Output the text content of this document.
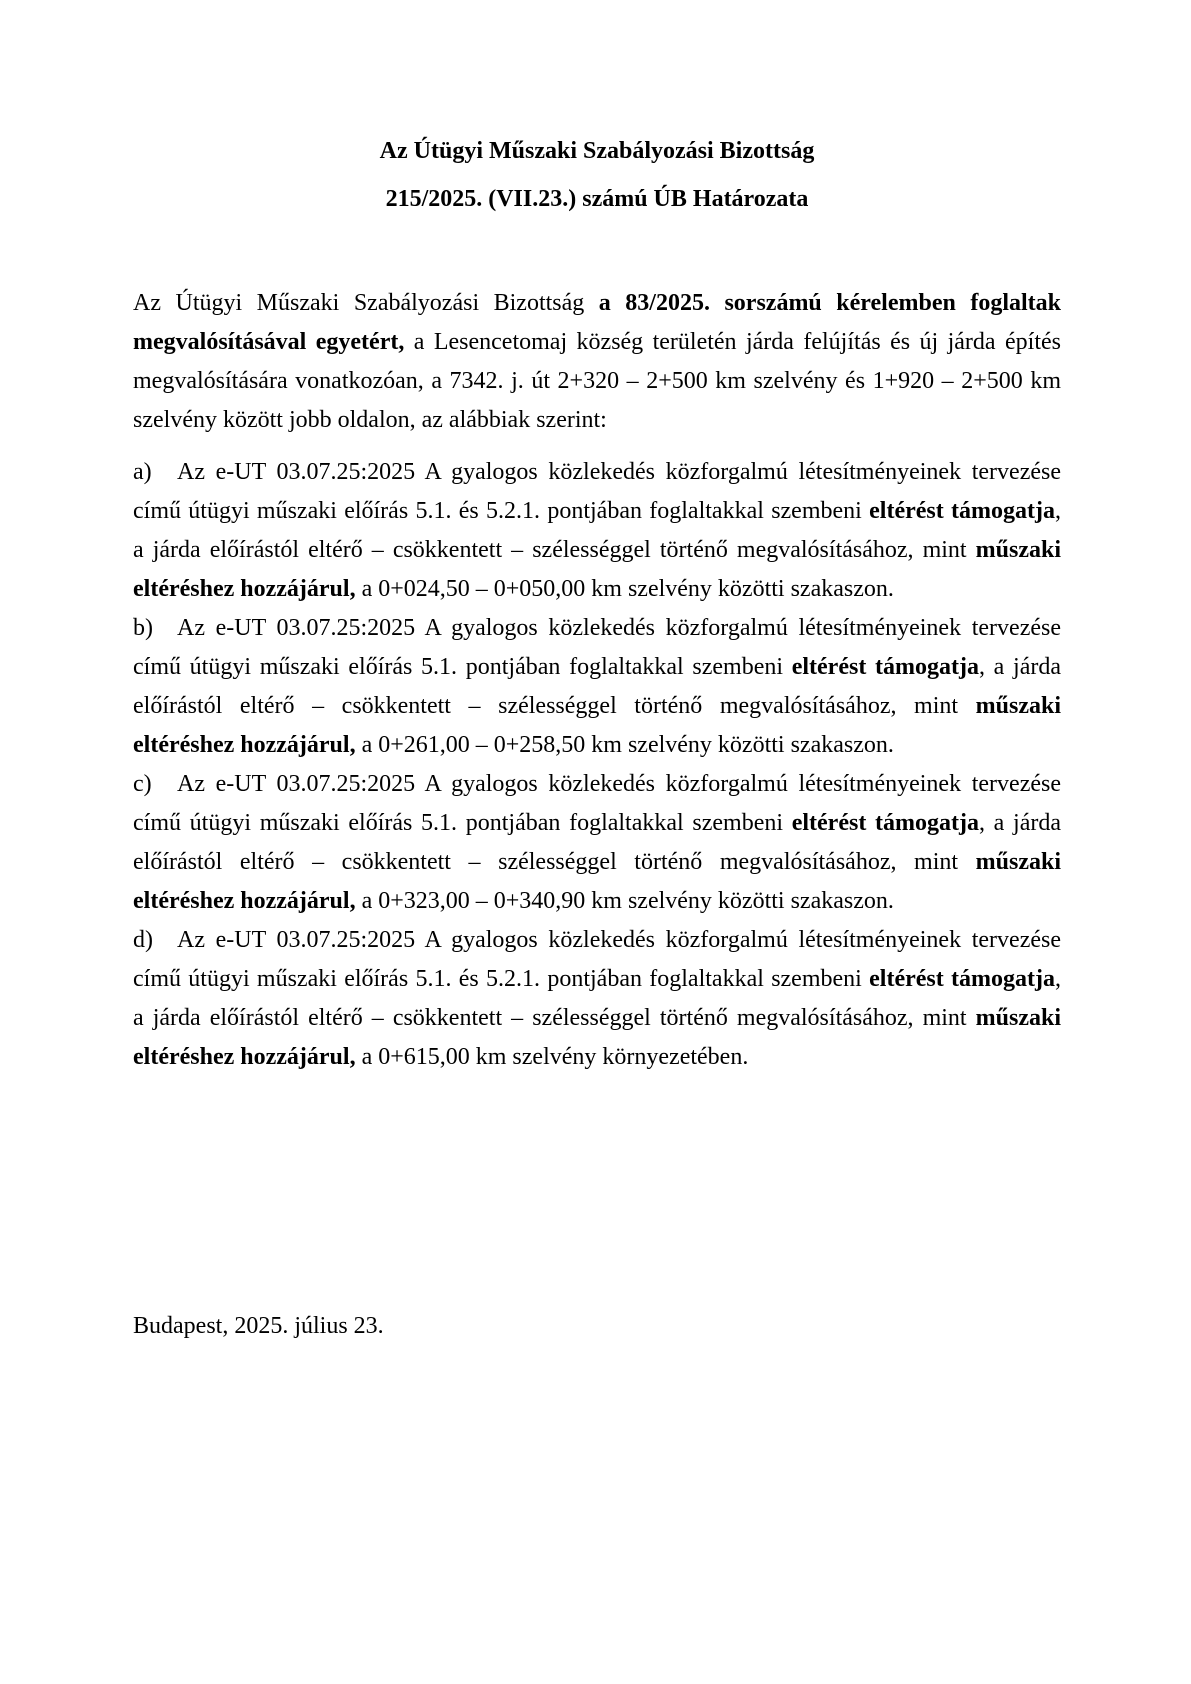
Az Útügyi Műszaki Szabályozási Bizottság
215/2025. (VII.23.) számú ÚB Határozata

Az Útügyi Műszaki Szabályozási Bizottság a 83/2025. sorszámú kérelemben foglaltak megvalósításával egyetért, a Lesencetomaj község területén járda felújítás és új járda építés megvalósítására vonatkozóan, a 7342. j. út 2+320 – 2+500 km szelvény és 1+920 – 2+500 km szelvény között jobb oldalon, az alábbiak szerint:

a) Az e-UT 03.07.25:2025 A gyalogos közlekedés közforgalmú létesítményeinek tervezése című útügyi műszaki előírás 5.1. és 5.2.1. pontjában foglaltakkal szembeni eltérést támogatja, a járda előírástól eltérő – csökkentett – szélességgel történő megvalósításához, mint műszaki eltéréshez hozzájárul, a 0+024,50 – 0+050,00 km szelvény közötti szakaszon.

b) Az e-UT 03.07.25:2025 A gyalogos közlekedés közforgalmú létesítményeinek tervezése című útügyi műszaki előírás 5.1. pontjában foglaltakkal szembeni eltérést támogatja, a járda előírástól eltérő – csökkentett – szélességgel történő megvalósításához, mint műszaki eltéréshez hozzájárul, a 0+261,00 – 0+258,50 km szelvény közötti szakaszon.

c) Az e-UT 03.07.25:2025 A gyalogos közlekedés közforgalmú létesítményeinek tervezése című útügyi műszaki előírás 5.1. pontjában foglaltakkal szembeni eltérést támogatja, a járda előírástól eltérő – csökkentett – szélességgel történő megvalósításához, mint műszaki eltéréshez hozzájárul, a 0+323,00 – 0+340,90 km szelvény közötti szakaszon.

d) Az e-UT 03.07.25:2025 A gyalogos közlekedés közforgalmú létesítményeinek tervezése című útügyi műszaki előírás 5.1. és 5.2.1. pontjában foglaltakkal szembeni eltérést támogatja, a járda előírástól eltérő – csökkentett – szélességgel történő megvalósításához, mint műszaki eltéréshez hozzájárul, a 0+615,00 km szelvény környezetében.

Budapest, 2025. július 23.
